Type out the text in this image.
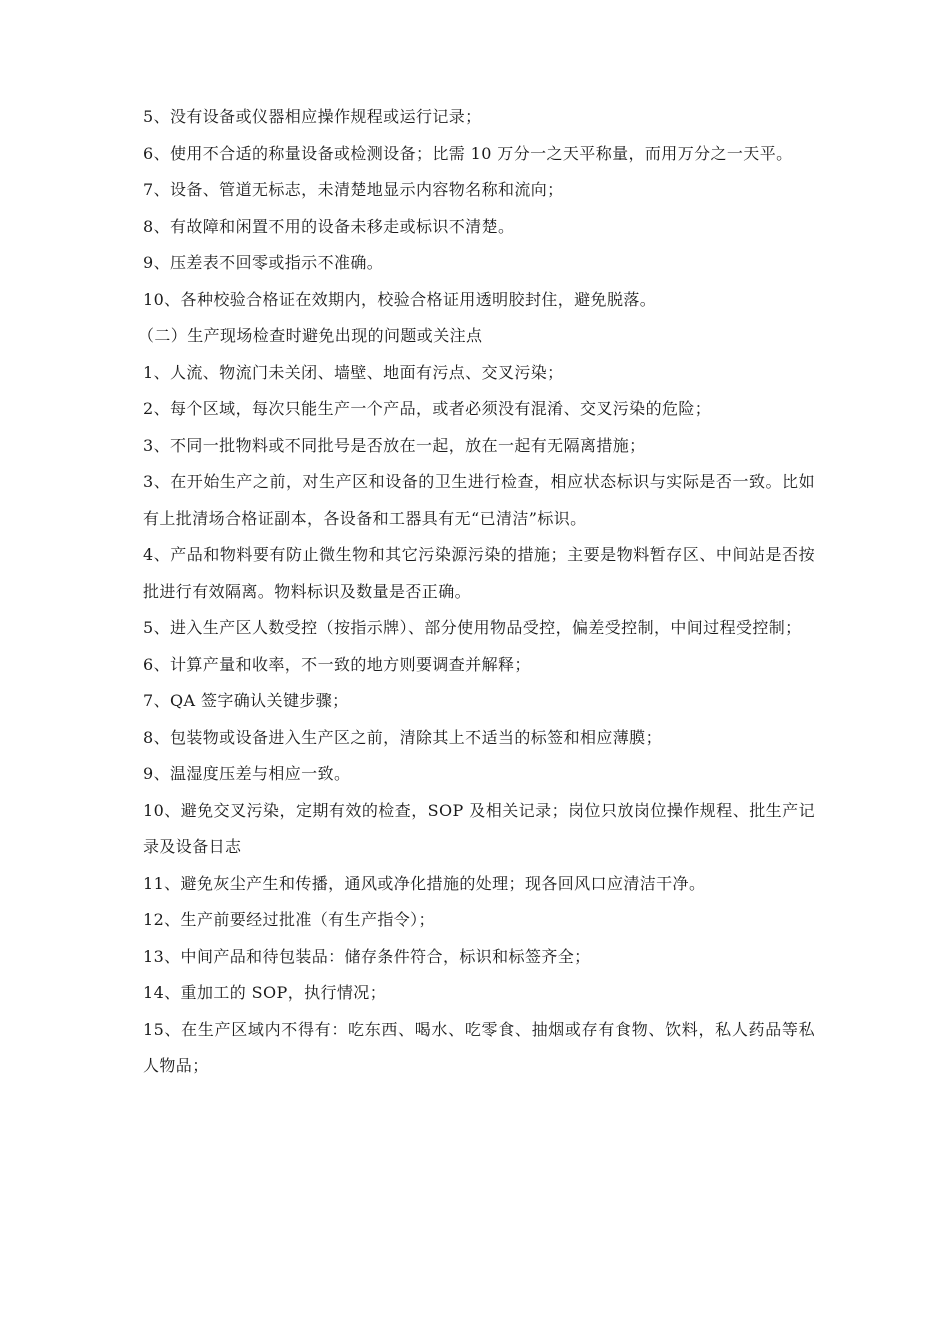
5、没有设备或仪器相应操作规程或运行记录；

6、使用不合适的称量设备或检测设备；比需 10 万分一之天平称量，而用万分之一天平。

7、设备、管道无标志，未清楚地显示内容物名称和流向；

8、有故障和闲置不用的设备未移走或标识不清楚。

9、压差表不回零或指示不准确。

10、各种校验合格证在效期内，校验合格证用透明胶封住，避免脱落。

（二）生产现场检查时避免出现的问题或关注点

1、人流、物流门未关闭、墙壁、地面有污点、交叉污染；

2、每个区域，每次只能生产一个产品，或者必须没有混淆、交叉污染的危险；

3、不同一批物料或不同批号是否放在一起，放在一起有无隔离措施；

3、在开始生产之前，对生产区和设备的卫生进行检查，相应状态标识与实际是否一致。比如有上批清场合格证副本，各设备和工器具有无“已清洁”标识。

4、产品和物料要有防止微生物和其它污染源污染的措施；主要是物料暂存区、中间站是否按批进行有效隔离。物料标识及数量是否正确。

5、进入生产区人数受控（按指示牌）、部分使用物品受控，偏差受控制，中间过程受控制；

6、计算产量和收率，不一致的地方则要调查并解释；

7、QA 签字确认关键步骤；

8、包装物或设备进入生产区之前，清除其上不适当的标签和相应薄膜；

9、温湿度压差与相应一致。

10、避免交叉污染，定期有效的检查，SOP 及相关记录；岗位只放岗位操作规程、批生产记录及设备日志

11、避免灰尘产生和传播，通风或净化措施的处理；现各回风口应清洁干净。

12、生产前要经过批准（有生产指令）；

13、中间产品和待包装品：储存条件符合，标识和标签齐全；

14、重加工的 SOP，执行情况；

15、在生产区域内不得有：吃东西、喝水、吃零食、抽烟或存有食物、饮料，私人药品等私人物品；
